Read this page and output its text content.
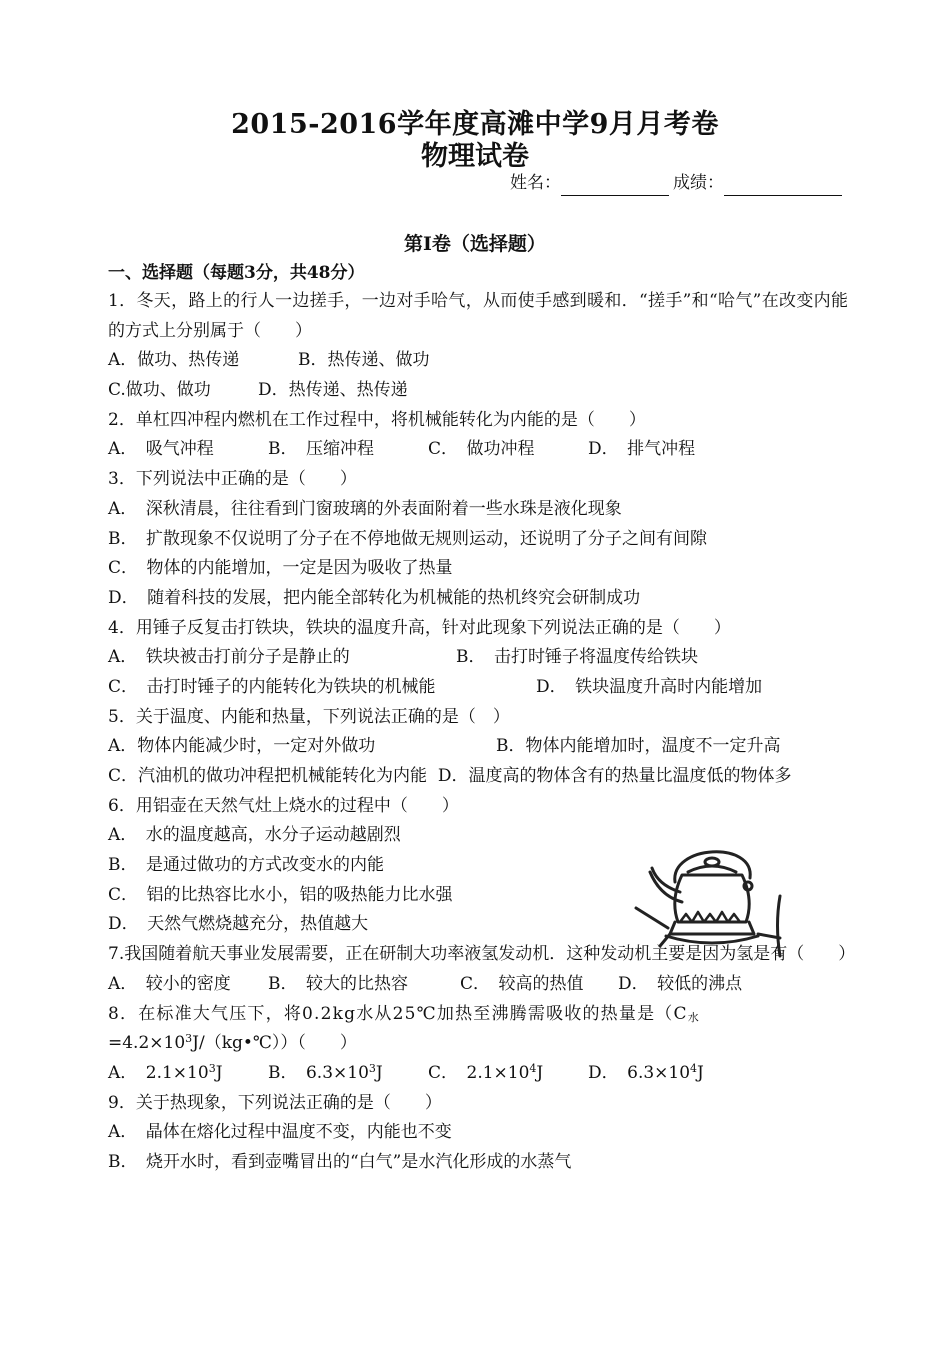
2015-2016学年度高滩中学9月月考卷
物理试卷
姓名：	成绩：
第Ⅰ卷（选择题）
一、选择题（每题3分，共48分）
1．冬天，路上的行人一边搓手，一边对手哈气，从而使手感到暖和．“搓手”和“哈气”在改变内能的方式上分别属于（　　）
A．做功、热传递	B．热传递、做功
C.做功、做功	D．热传递、热传递
2．单杠四冲程内燃机在工作过程中，将机械能转化为内能的是（　　）
A．　吸气冲程	B．　压缩冲程	C．　做功冲程	D．　排气冲程
3．下列说法中正确的是（　　）
A．　深秋清晨，往往看到门窗玻璃的外表面附着一些水珠是液化现象
B．　扩散现象不仅说明了分子在不停地做无规则运动，还说明了分子之间有间隙
C．　物体的内能增加，一定是因为吸收了热量
D．　随着科技的发展，把内能全部转化为机械能的热机终究会研制成功
4．用锤子反复击打铁块，铁块的温度升高，针对此现象下列说法正确的是（　　）
A．　铁块被击打前分子是静止的	B．　击打时锤子将温度传给铁块
C．　击打时锤子的内能转化为铁块的机械能	D．　铁块温度升高时内能增加
5．关于温度、内能和热量，下列说法正确的是（　）
A．物体内能减少时，一定对外做功	B．物体内能增加时，温度不一定升高
C．汽油机的做功冲程把机械能转化为内能 D．温度高的物体含有的热量比温度低的物体多
6．用铝壶在天然气灶上烧水的过程中（　　）
A．　水的温度越高，水分子运动越剧烈
B．　是通过做功的方式改变水的内能
C．　铝的比热容比水小，铝的吸热能力比水强
D．　天然气燃烧越充分，热值越大
7.我国随着航天事业发展需要，正在研制大功率液氢发动机．这种发动机主要是因为氢是有（　　）
A．　较小的密度	B．　较大的比热容	C．　较高的热值	D．　较低的沸点
8．在标准大气压下，将0.2kg水从25℃加热至沸腾需吸收的热量是（C水
$=4.2\times 10^3J/(kg•℃)$）（　　）
A．　$2.1\times 10^3J$	B．　$6.3\times 10^3J$	C．　$2.1\times 10^4J$	D．　$6.3\times 10^4J$
9．关于热现象，下列说法正确的是（　　）
A．　晶体在熔化过程中温度不变，内能也不变
B．　烧开水时，看到壶嘴冒出的“白气”是水汽化形成的水蒸气
